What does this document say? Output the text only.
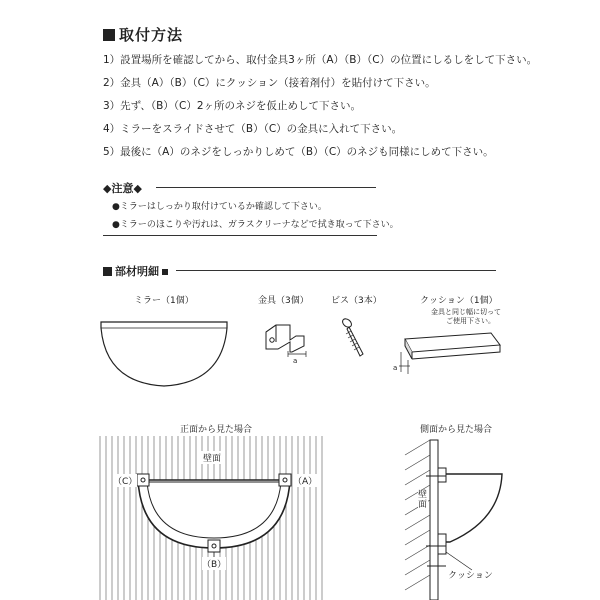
取付方法
1）設置場所を確認してから、取付金具3ヶ所（A）（B）（C）の位置にしるしをして下さい。
2）金具（A）（B）（C）にクッション（接着剤付）を貼付けて下さい。
3）先ず、（B）（C）2ヶ所のネジを仮止めして下さい。
4）ミラーをスライドさせて（B）（C）の金具に入れて下さい。
5）最後に（A）のネジをしっかりしめて（B）（C）のネジも同様にしめて下さい。
◆注意◆
●ミラーはしっかり取付けているか確認して下さい。
●ミラーのほこりや汚れは、ガラスクリーナなどで拭き取って下さい。
部材明細
ミラー（1個）	金具（3個） ビス（3本）	クッション（1個）
金具と同じ幅に切って
ご使用下さい。
a
a
正面から見た場合	側面から見た場合
壁面
（A）
（C）
（B）
壁面
クッション
